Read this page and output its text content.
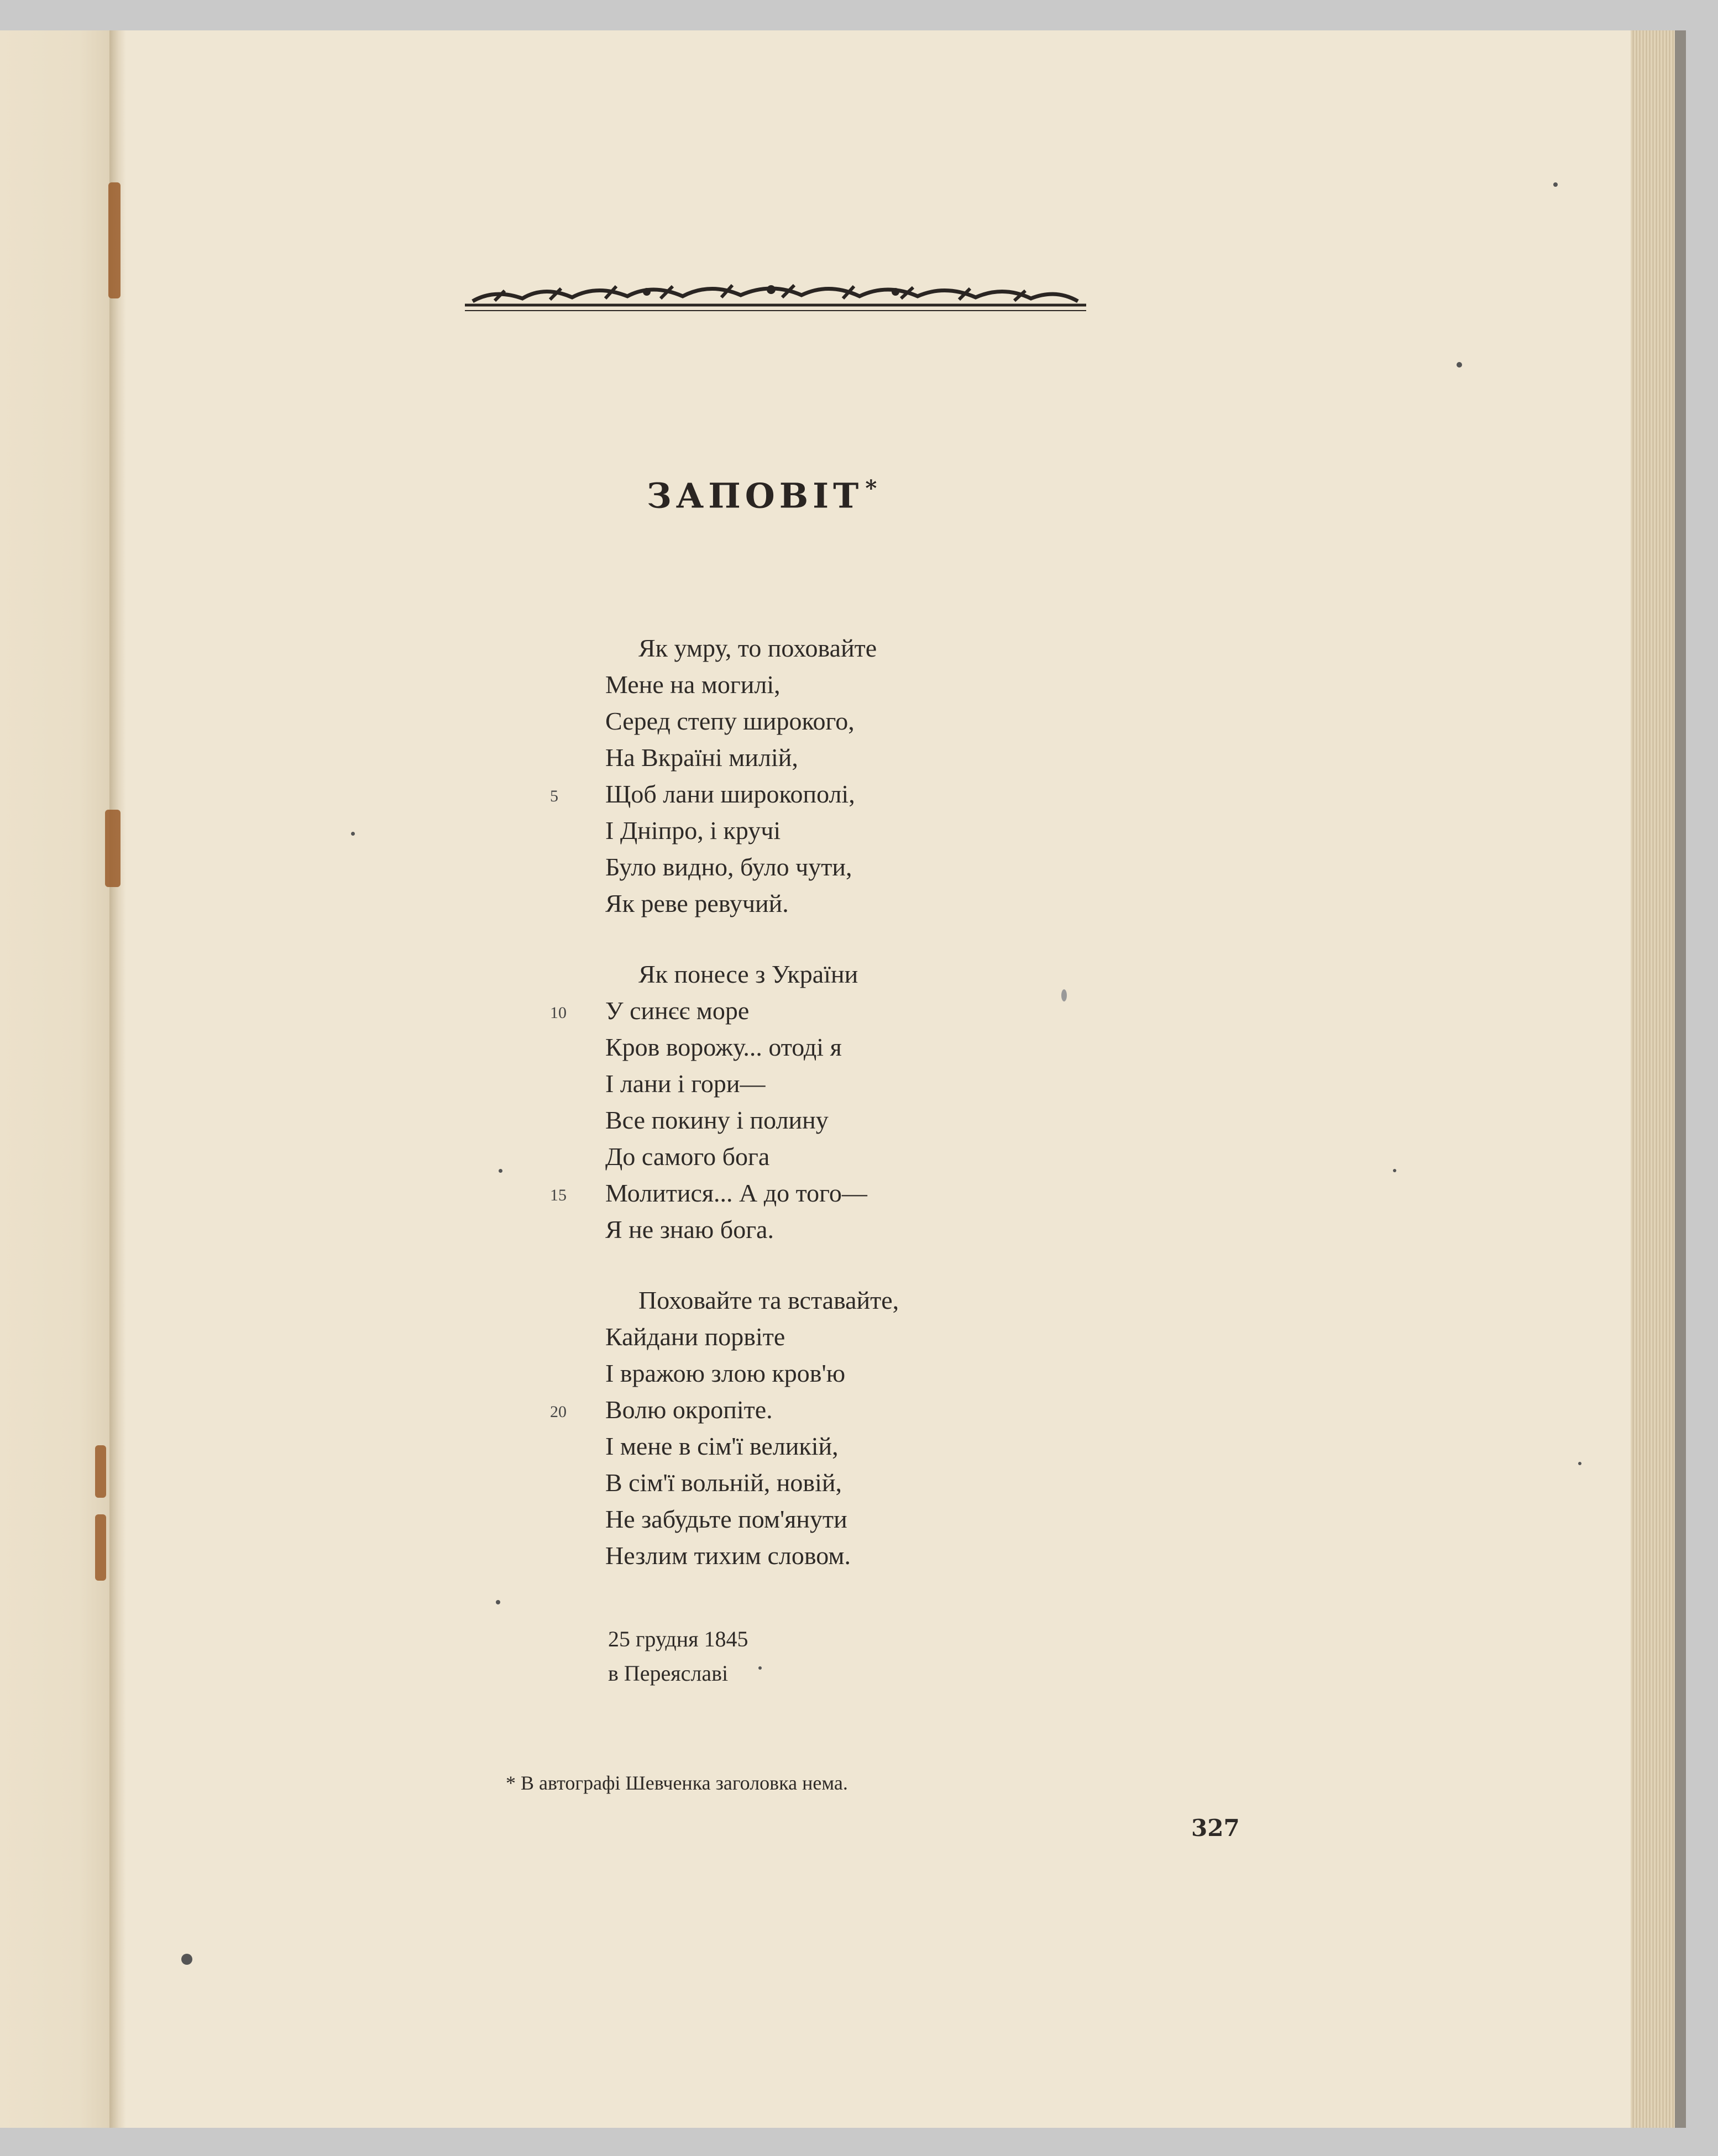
ЗАПОВІТ *
Як умру, то поховайте
Мене на могилі,
Серед степу широкого,
На Вкраїні милій,
5 Щоб лани широкополі,
І Дніпро, і кручі
Було видно, було чути,
Як реве ревучий.
Як понесе з України
10 У синєє море
Кров ворожу... отоді я
І лани і гори—
Все покину і полину
До самого бога
15 Молитися... А до того—
Я не знаю бога.
Поховайте та вставайте,
Кайдани порвіте
І вражою злою кров'ю
20 Волю окропіте.
І мене в сім'ї великій,
В сім'ї вольній, новій,
Не забудьте пом'янути
Незлим тихим словом.
25 грудня 1845
в Переяславі
* В автографі Шевченка заголовка нема.
327
